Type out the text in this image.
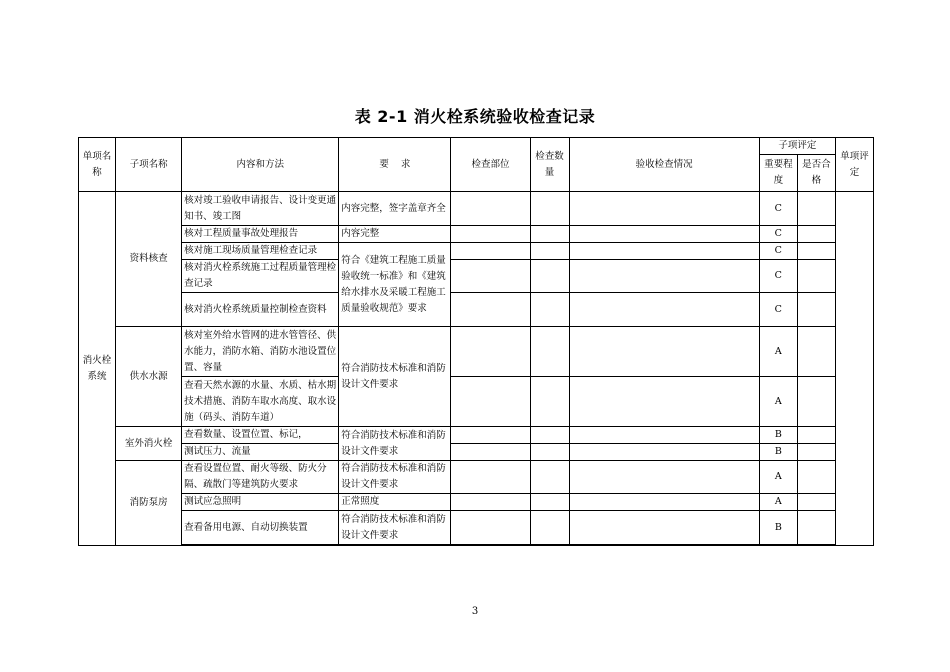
表 2-1 消火栓系统验收检查记录
单项名称	子项名称	内容和方法	要    求	检查部位	检查数量	验收检查情况	子项评定		单项评定
							重要程度	是否合格	
消火栓系统	资料核查	核对竣工验收申请报告、设计变更通知书、竣工图	内容完整，签字盖章齐全				C		
		核对工程质量事故处理报告	内容完整				C		
		核对施工现场质量管理检查记录	符合《建筑工程施工质量验收统一标准》和《建筑给水排水及采暖工程施工质量验收规范》要求				C		
		核对消火栓系统施工过程质量管理检查记录					C		
		核对消火栓系统质量控制检查资料					C		
	供水水源	核对室外给水管网的进水管管径、供水能力，消防水箱、消防水池设置位置、容量	符合消防技术标准和消防设计文件要求				A		
		查看天然水源的水量、水质、枯水期技术措施、消防车取水高度、取水设施（码头、消防车道）					A		
	室外消火栓	查看数量、设置位置、标记，	符合消防技术标准和消防设计文件要求				B		
		测试压力、流量					B		
	消防泵房	查看设置位置、耐火等级、防火分隔、疏散门等建筑防火要求	符合消防技术标准和消防设计文件要求				A		
		测试应急照明	正常照度				A		
		查看备用电源、自动切换装置	符合消防技术标准和消防设计文件要求				B		

3
